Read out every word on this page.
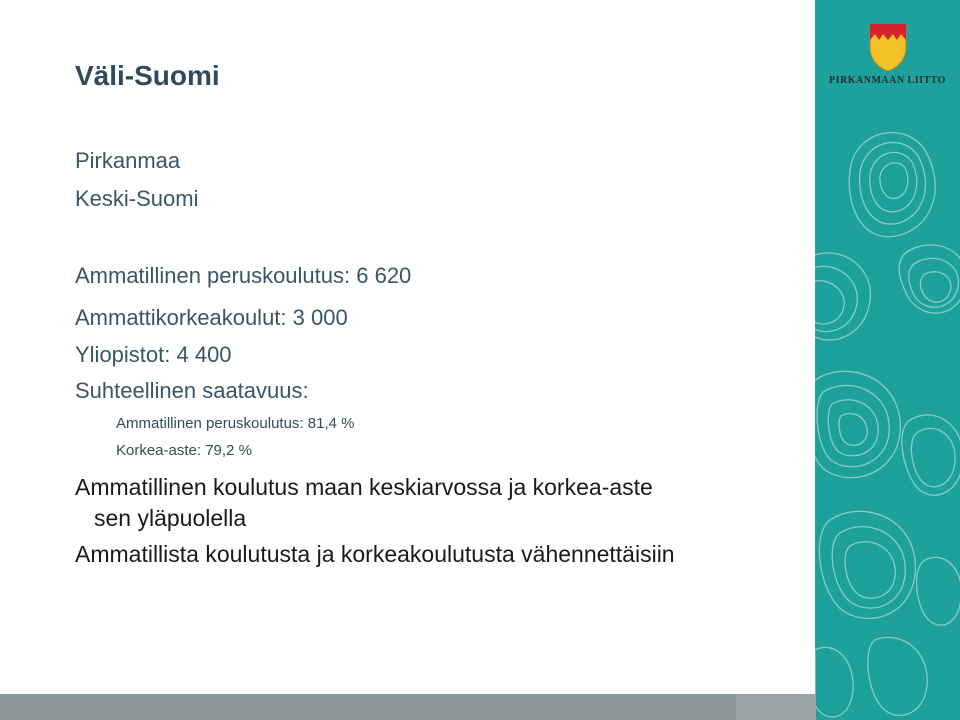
Väli-Suomi
Pirkanmaa
Keski-Suomi
Ammatillinen peruskoulutus: 6 620
Ammattikorkeakoulut: 3 000
Yliopistot: 4 400
Suhteellinen saatavuus:
Ammatillinen peruskoulutus: 81,4 %
Korkea-aste: 79,2 %
Ammatillinen koulutus maan keskiarvossa ja korkea-aste
sen yläpuolella
Ammatillista koulutusta ja korkeakoulutusta vähennettäisiin
PIRKANMAAN LIITTO
